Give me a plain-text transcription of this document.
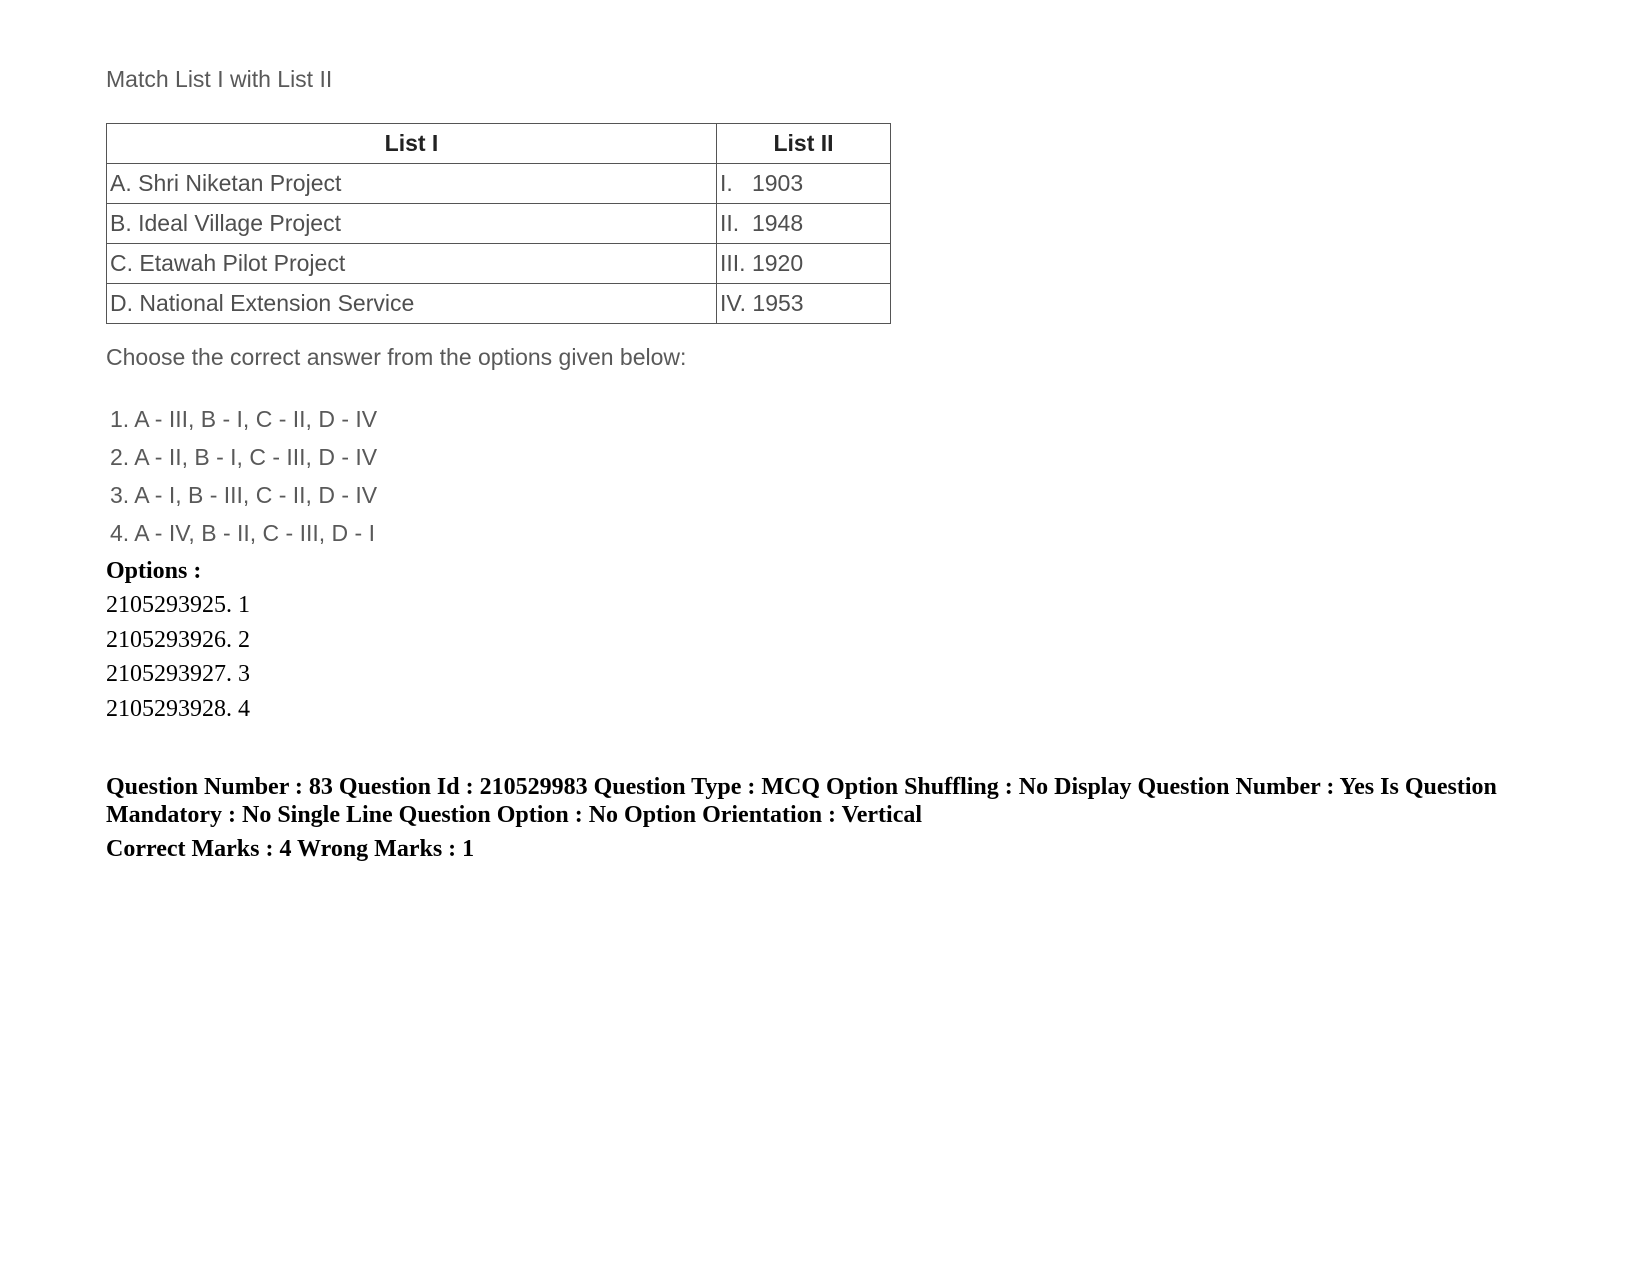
Match List I with List II
List I	List II
A. Shri Niketan Project	I.   1903
B. Ideal Village Project	II.  1948
C. Etawah Pilot Project	III. 1920
D. National Extension Service	IV. 1953
Choose the correct answer from the options given below:
1. A - III, B - I, C - II, D - IV
2. A - II, B - I, C - III, D - IV
3. A - I, B - III, C - II, D - IV
4. A - IV, B - II, C - III, D - I
Options :
2105293925. 1
2105293926. 2
2105293927. 3
2105293928. 4
Question Number : 83 Question Id : 210529983 Question Type : MCQ Option Shuffling : No Display Question Number : Yes Is Question Mandatory : No Single Line Question Option : No Option Orientation : Vertical
Correct Marks : 4 Wrong Marks : 1
